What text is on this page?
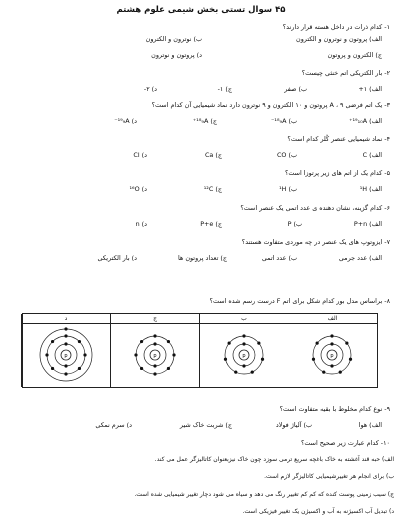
۴۵ سوال تستی بخش شیمی علوم هشتم
۱- کدام ذرات در داخل هسته قرار دارند؟
الف) پروتون و نوترون و الکترون
ب) نوترون و الکترون
ج) الکترون و پروتون
د) پروتون و نوترون
۲- بار الکتریکی اتم خنثی چیست؟
الف) ۱+
ب) صفر
ج) ۱-
د) ۲-
۳- یک اتم فرضی A ، ۹ پروتون و ۱۰ الکترون و ۹ نوترون دارد نماد شیمیایی آن کدام است؟
الف) ¹⁹₁₀A⁺
ب) ¹⁸₉A⁻
ج) ¹⁸₉A⁺
د) ¹⁹₉A⁻
۴- نماد شیمیایی عنصر کُلر کدام است؟
الف) C
ب) CO
ج) Ca
د) Cl
۵- کدام یک از اتم های زیر پرتوزا است؟
الف) ¹H
ب) ¹H
ج) ¹²C
د) ¹⁶O
۶- کدام گزینه، نشان دهنده ی عدد اتمی یک عنصر است؟
الف) P+n
ب) P
ج) P+e
د) n
۷- ایزوتوپ های یک عنصر در چه موردی متفاوت هستند؟
الف) عدد جرمی
ب) عدد اتمی
ج) تعداد پروتون ها
د) بار الکتریکی
۸- براساس مدل بور کدام شکل برای اتم F درست رسم شده است؟
الف
p
ب
p
ج
p
د
p
۹- نوع کدام مخلوط با بقیه متفاوت است؟
الف) هوا
ب) آلیاژ فولاد
ج) شربت خاک شیر
د) سرم نمکی
۱۰- کدام عبارت زیر صحیح است؟
الف) حبه قند آغشته به خاک باغچه سریع ترمی سوزد چون خاک نیزبعنوان کاتالیزگر عمل می کند.
ب) برای انجام هر تغییرشیمیایی کاتالیزگر لازم است.
ج) سیب زمینی پوست کنده که کم کم تغییر رنگ می دهد و سیاه می شود دچار تغییر شیمیایی شده است.
د) تبدیل آب اکسیژنه به آب و اکسیژن یک تغییر فیزیکی است.
